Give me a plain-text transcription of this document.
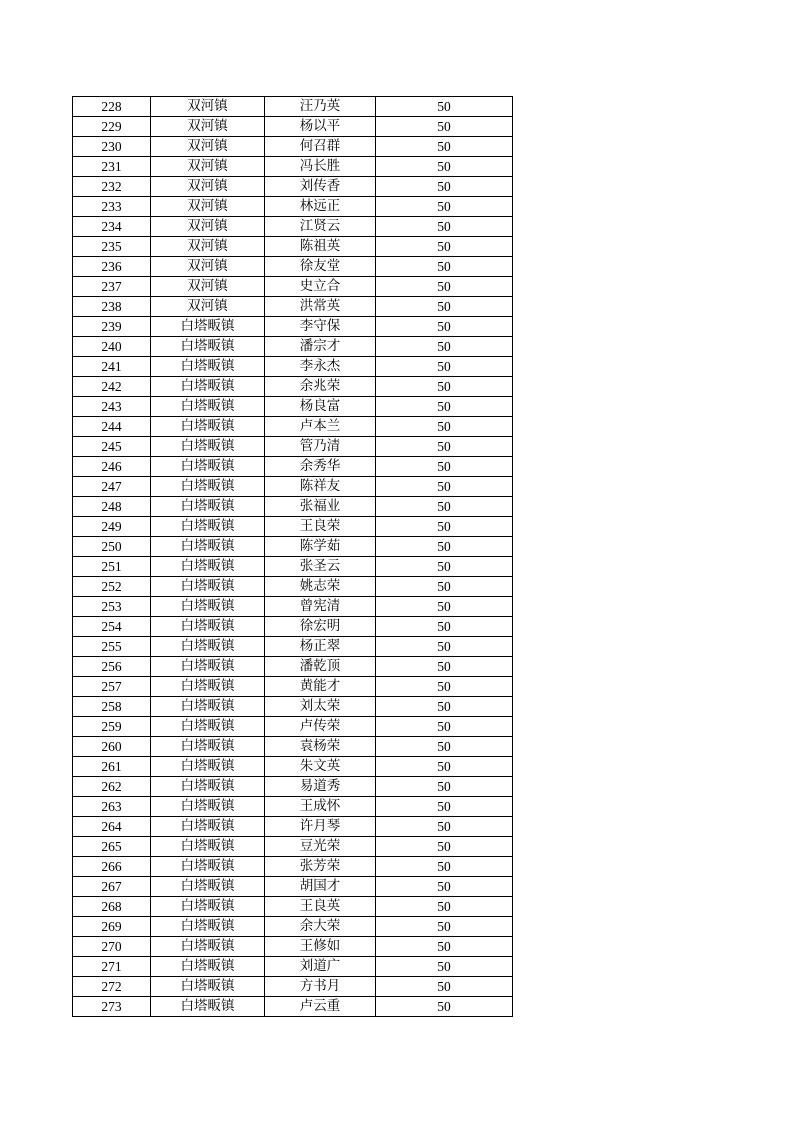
228	双河镇	汪乃英	50
229	双河镇	杨以平	50
230	双河镇	何召群	50
231	双河镇	冯长胜	50
232	双河镇	刘传香	50
233	双河镇	林远正	50
234	双河镇	江贤云	50
235	双河镇	陈祖英	50
236	双河镇	徐友堂	50
237	双河镇	史立合	50
238	双河镇	洪常英	50
239	白塔畈镇	李守保	50
240	白塔畈镇	潘宗才	50
241	白塔畈镇	李永杰	50
242	白塔畈镇	余兆荣	50
243	白塔畈镇	杨良富	50
244	白塔畈镇	卢本兰	50
245	白塔畈镇	管乃清	50
246	白塔畈镇	余秀华	50
247	白塔畈镇	陈祥友	50
248	白塔畈镇	张福业	50
249	白塔畈镇	王良荣	50
250	白塔畈镇	陈学茹	50
251	白塔畈镇	张圣云	50
252	白塔畈镇	姚志荣	50
253	白塔畈镇	曾宪清	50
254	白塔畈镇	徐宏明	50
255	白塔畈镇	杨正翠	50
256	白塔畈镇	潘乾顶	50
257	白塔畈镇	黄能才	50
258	白塔畈镇	刘太荣	50
259	白塔畈镇	卢传荣	50
260	白塔畈镇	袁杨荣	50
261	白塔畈镇	朱文英	50
262	白塔畈镇	易道秀	50
263	白塔畈镇	王成怀	50
264	白塔畈镇	许月琴	50
265	白塔畈镇	豆光荣	50
266	白塔畈镇	张芳荣	50
267	白塔畈镇	胡国才	50
268	白塔畈镇	王良英	50
269	白塔畈镇	余大荣	50
270	白塔畈镇	王修如	50
271	白塔畈镇	刘道广	50
272	白塔畈镇	方书月	50
273	白塔畈镇	卢云重	50
